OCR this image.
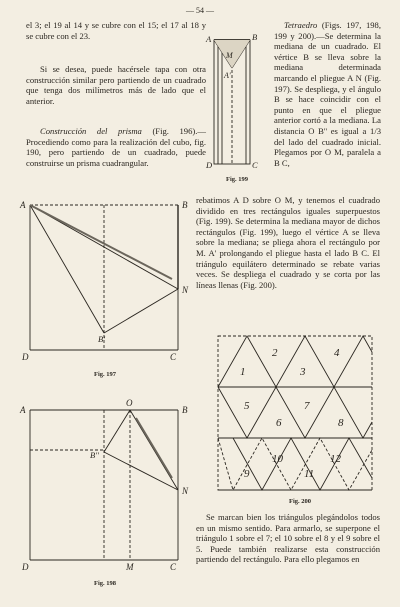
— 54 —

el 3; el 19 al 14 y se cubre con el 15; el 17 al 18 y se cubre con el 23.

Si se desea, puede hacérsele tapa con otra construcción similar pero partiendo de un cuadrado que tenga dos milímetros más de lado que el anterior.

Construcción del prisma (Fig. 196).— Procediendo como para la realización del cubo, fig. 190, pero partiendo de un cuadrado, puede construirse un prisma cuadrangular.

Tetraedro (Figs. 197, 198, 199 y 200).—Se determina la mediana de un cuadrado. El vértice B se lleva sobre la mediana determinada marcando el pliegue A N (Fig. 197). Se despliega, y el ángulo B se hace coincidir con el punto en que el pliegue anterior cortó a la mediana. La distancia O B'' es igual a 1/3 del lado del cuadrado inicial. Plegamos por O M, paralela a B C,

rebatimos A D sobre O M, y tenemos el cuadrado dividido en tres rectángulos iguales superpuestos (Fig. 199). Se determina la mediana mayor de dichos rectángulos (Fig. 199), luego el vértice A se lleva sobre la mediana; se pliega ahora el rectángulo por M. A' prolongando el pliegue hasta el lado B C. El triángulo equilátero determinado se rebate varias veces. Se despliega el cuadrado y se corta por las líneas llenas (Fig. 200).

Se marcan bien los triángulos plegándolos todos en un mismo sentido. Para armarlo, se superpone el triángulo 1 sobre el 7; el 10 sobre el 8 y el 9 sobre el 5. Puede también realizarse esta construcción partiendo del rectángulo. Para ello plegamos en

Fig. 197
Fig. 198
Fig. 199
Fig. 200
A	B
N
B'
D	C
A
O
B
B''
N
D	M	C
A	B
M
A'
D	C
1
2
3
4
5
6
7
8
9
10
11
12
